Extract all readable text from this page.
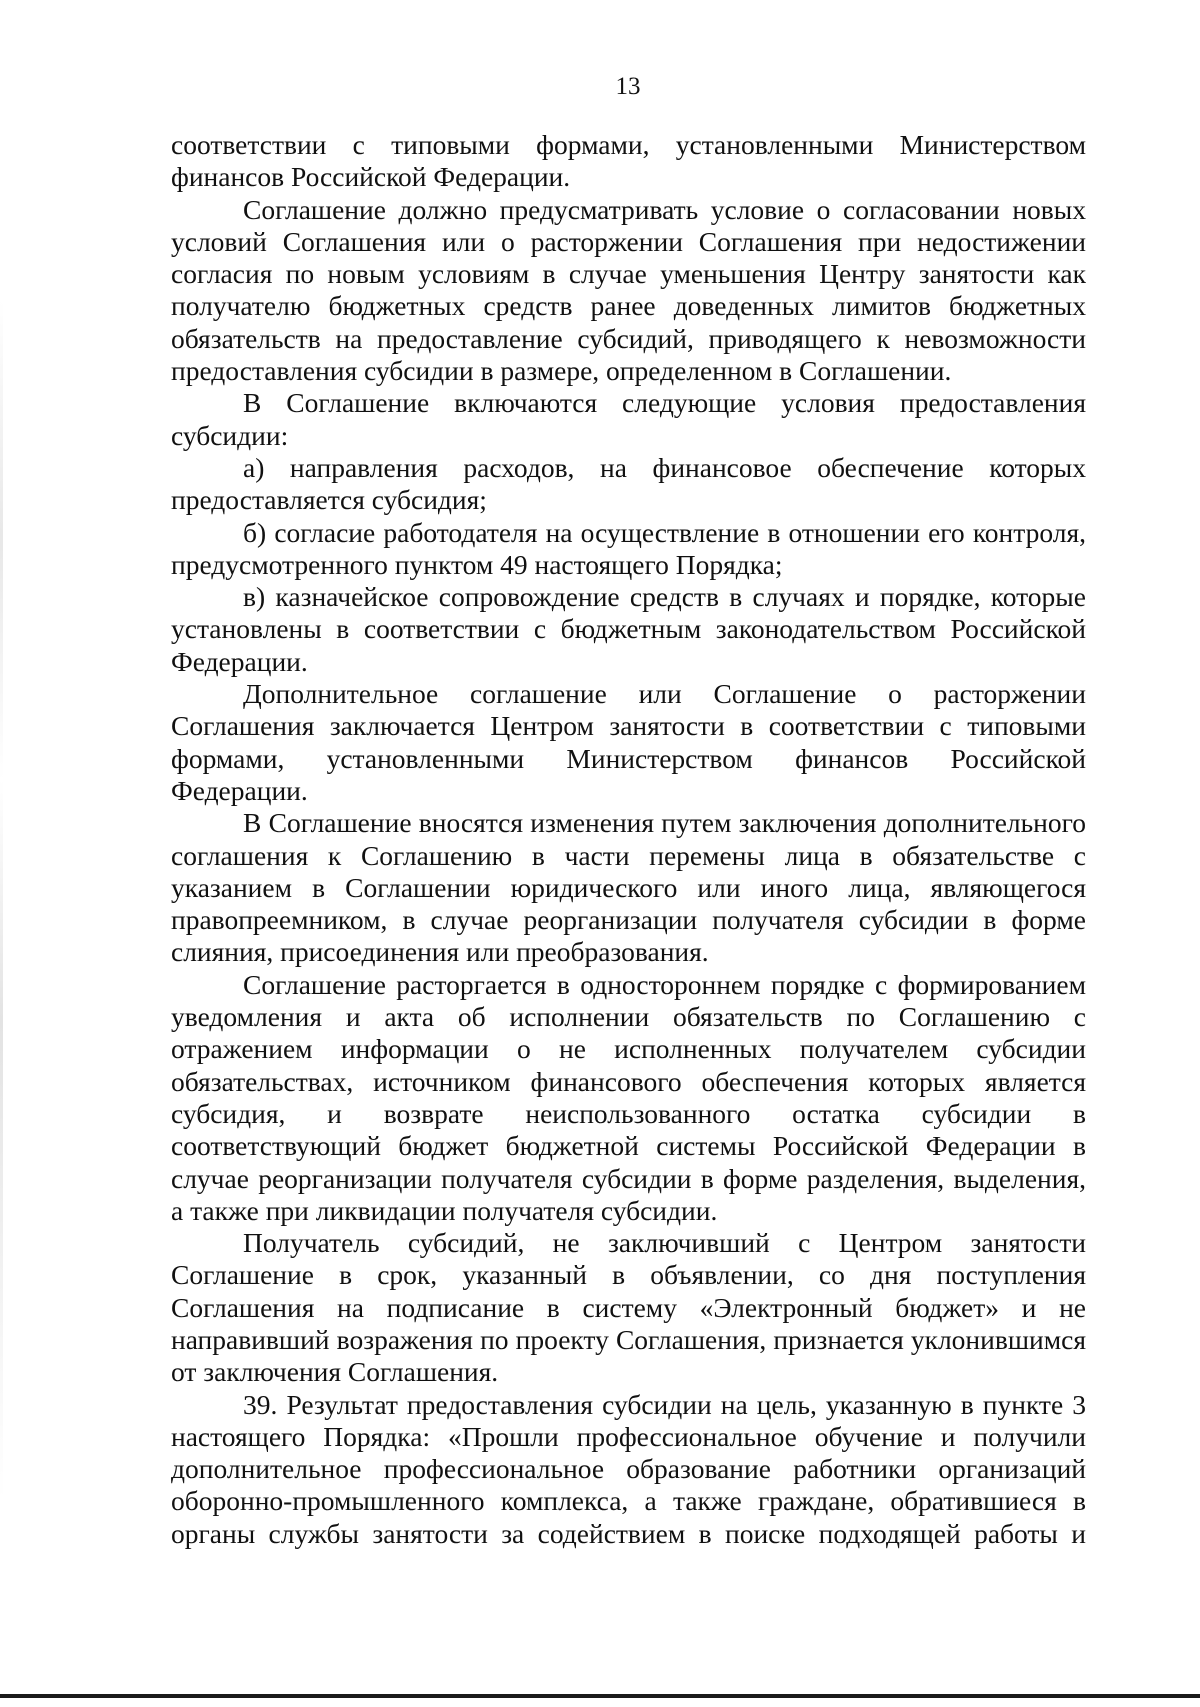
13

соответствии с типовыми формами, установленными Министерством финансов Российской Федерации.

Соглашение должно предусматривать условие о согласовании новых условий Соглашения или о расторжении Соглашения при недостижении согласия по новым условиям в случае уменьшения Центру занятости как получателю бюджетных средств ранее доведенных лимитов бюджетных обязательств на предоставление субсидий, приводящего к невозможности предоставления субсидии в размере, определенном в Соглашении.

В Соглашение включаются следующие условия предоставления субсидии:

а) направления расходов, на финансовое обеспечение которых предоставляется субсидия;

б) согласие работодателя на осуществление в отношении его контроля, предусмотренного пунктом 49 настоящего Порядка;

в) казначейское сопровождение средств в случаях и порядке, которые установлены в соответствии с бюджетным законодательством Российской Федерации.

Дополнительное соглашение или Соглашение о расторжении Соглашения заключается Центром занятости в соответствии с типовыми формами, установленными Министерством финансов Российской Федерации.

В Соглашение вносятся изменения путем заключения дополнительного соглашения к Соглашению в части перемены лица в обязательстве с указанием в Соглашении юридического или иного лица, являющегося правопреемником, в случае реорганизации получателя субсидии в форме слияния, присоединения или преобразования.

Соглашение расторгается в одностороннем порядке с формированием уведомления и акта об исполнении обязательств по Соглашению с отражением информации о не исполненных получателем субсидии обязательствах, источником финансового обеспечения которых является субсидия, и возврате неиспользованного остатка субсидии в соответствующий бюджет бюджетной системы Российской Федерации в случае реорганизации получателя субсидии в форме разделения, выделения, а также при ликвидации получателя субсидии.

Получатель субсидий, не заключивший с Центром занятости Соглашение в срок, указанный в объявлении, со дня поступления Соглашения на подписание в систему «Электронный бюджет» и не направивший возражения по проекту Соглашения, признается уклонившимся от заключения Соглашения.

39. Результат предоставления субсидии на цель, указанную в пункте 3 настоящего Порядка: «Прошли профессиональное обучение и получили дополнительное профессиональное образование работники организаций оборонно-промышленного комплекса, а также граждане, обратившиеся в органы службы занятости за содействием в поиске подходящей работы и
